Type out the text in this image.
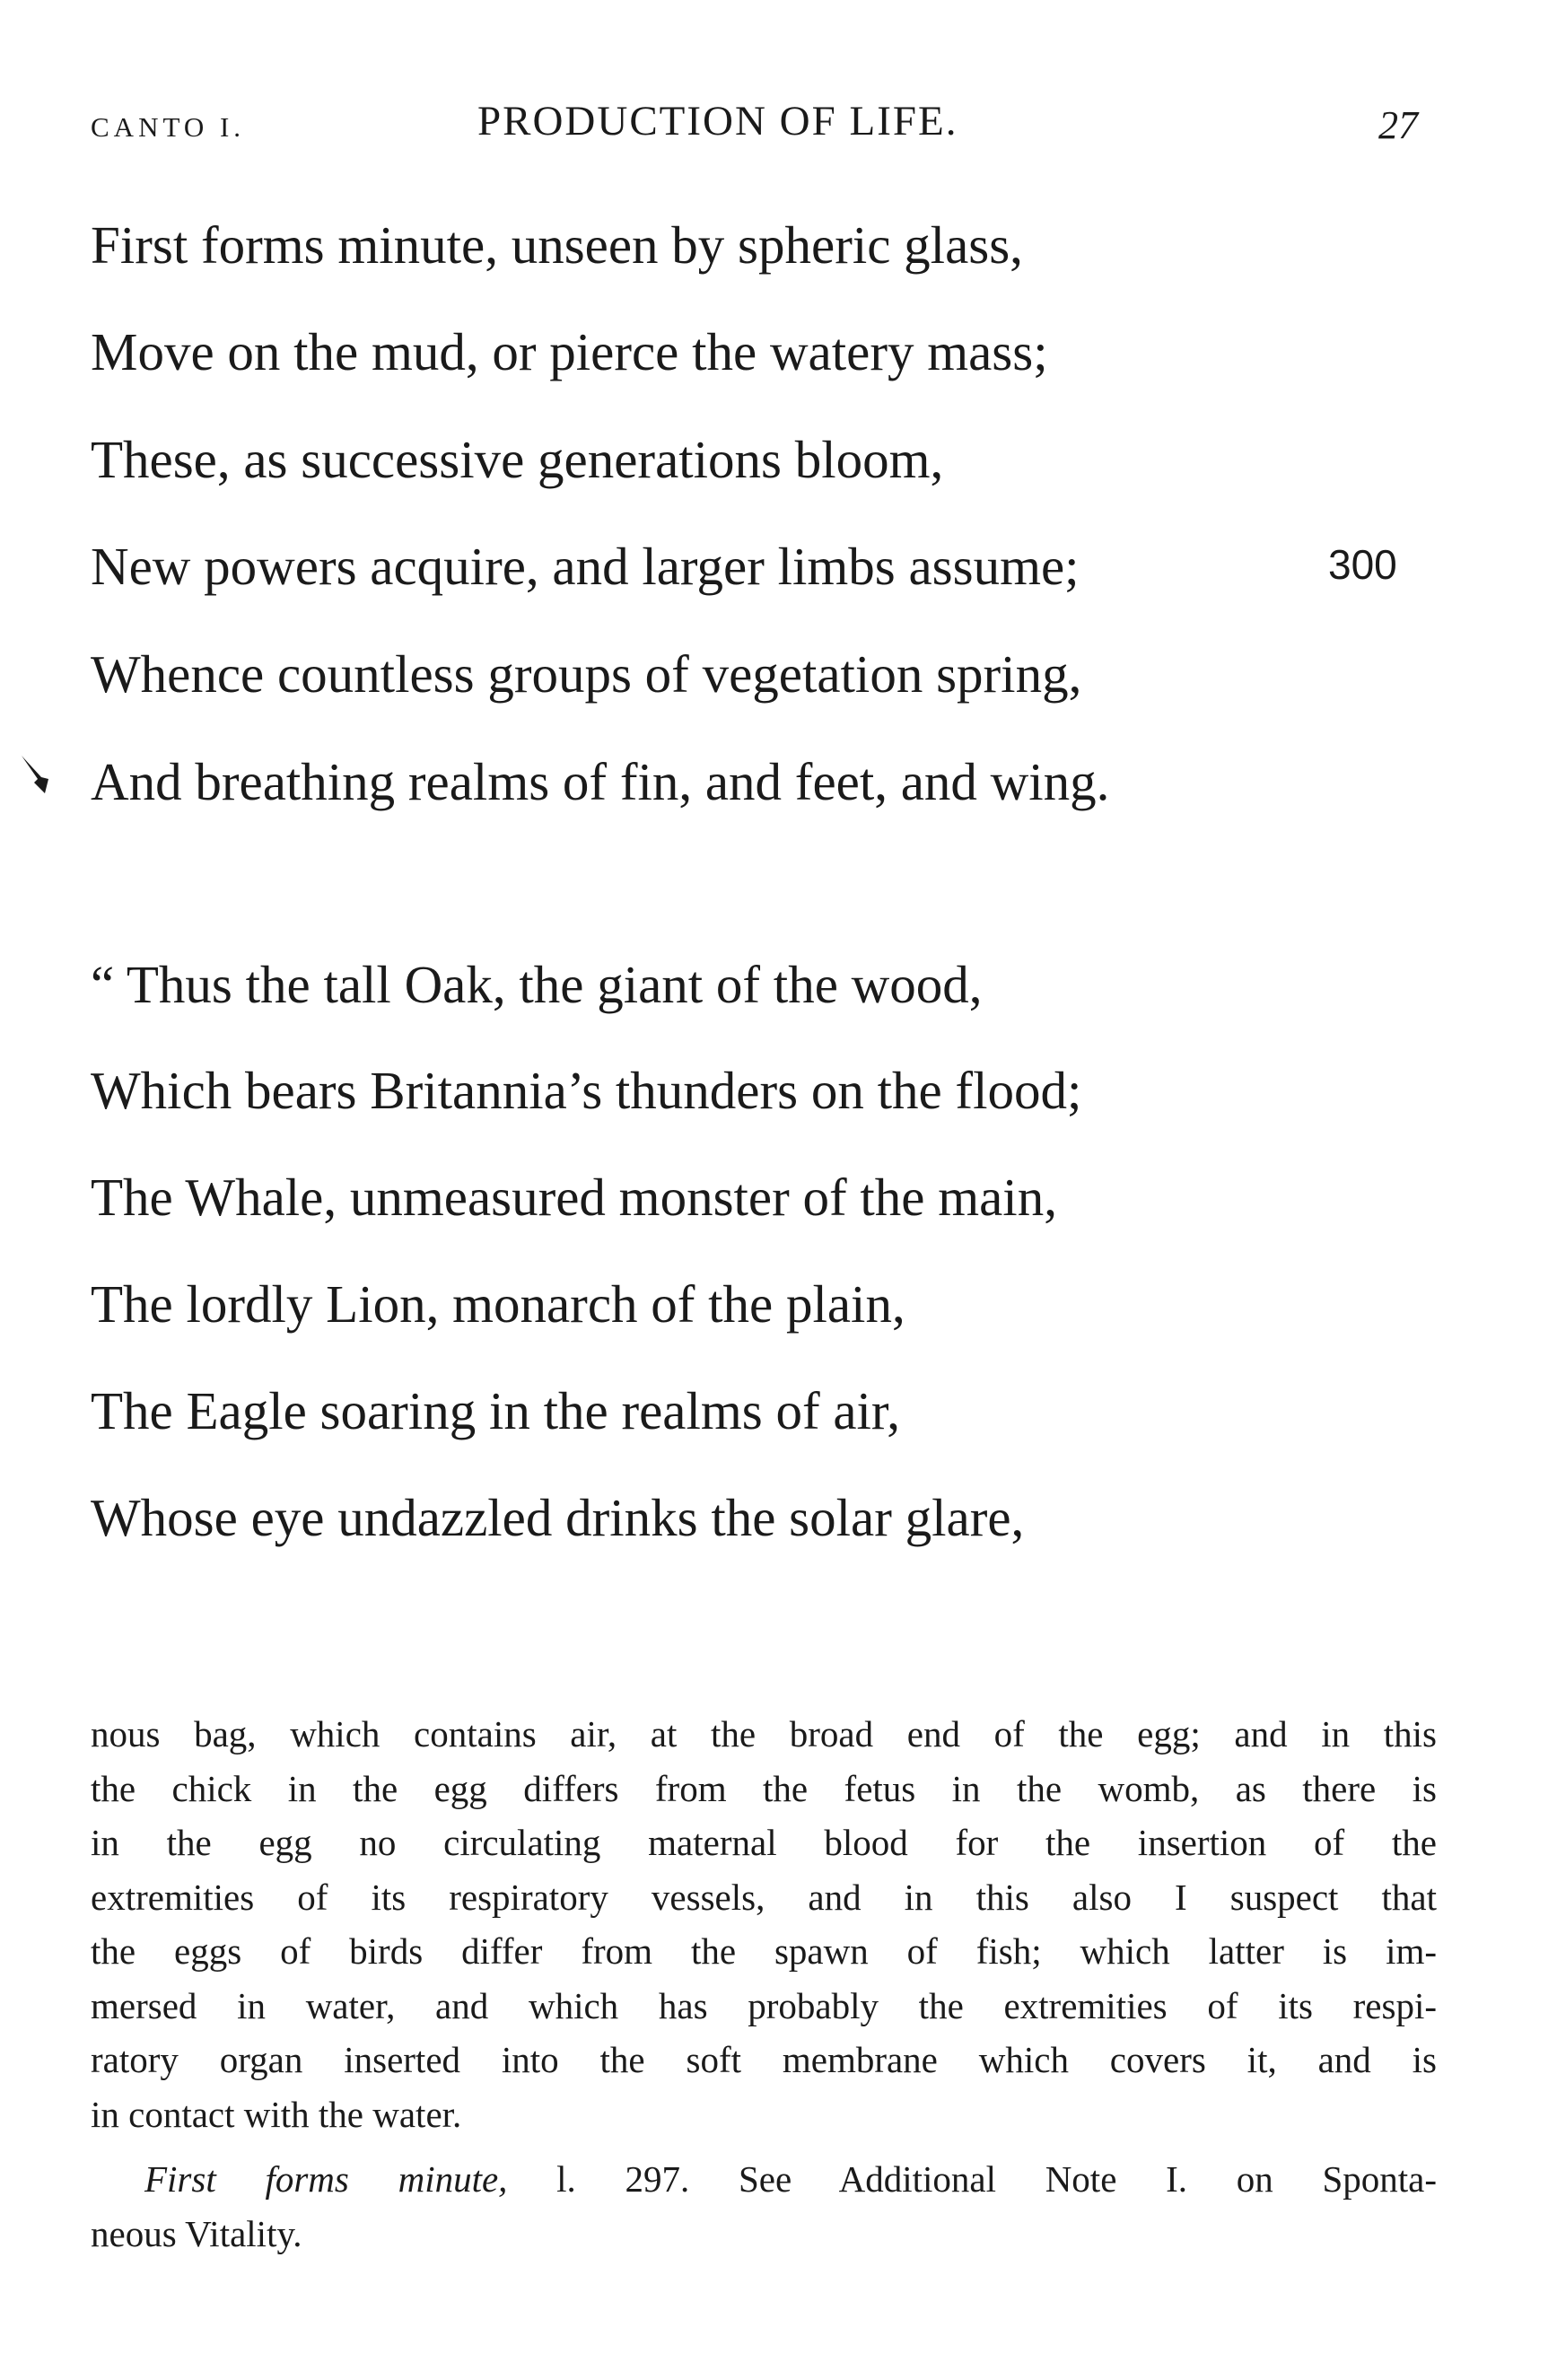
CANTO I.	PRODUCTION OF LIFE.	27
First forms minute, unseen by spheric glass,
Move on the mud, or pierce the watery mass;
These, as successive generations bloom,
New powers acquire, and larger limbs assume;
Whence countless groups of vegetation spring,
And breathing realms of fin, and feet, and wing.
300
“ Thus the tall Oak, the giant of the wood,
Which bears Britannia’s thunders on the flood;
The Whale, unmeasured monster of the main,
The lordly Lion, monarch of the plain,
The Eagle soaring in the realms of air,
Whose eye undazzled drinks the solar glare,
nous bag, which contains air, at the broad end of the egg; and in this
the chick in the egg differs from the fetus in the womb, as there is
in the egg no circulating maternal blood for the insertion of the
extremities of its respiratory vessels, and in this also I suspect that
the eggs of birds differ from the spawn of fish; which latter is im-
mersed in water, and which has probably the extremities of its respi-
ratory organ inserted into the soft membrane which covers it, and is
in contact with the water.
First forms minute, l. 297. See Additional Note I. on Sponta-
neous Vitality.
